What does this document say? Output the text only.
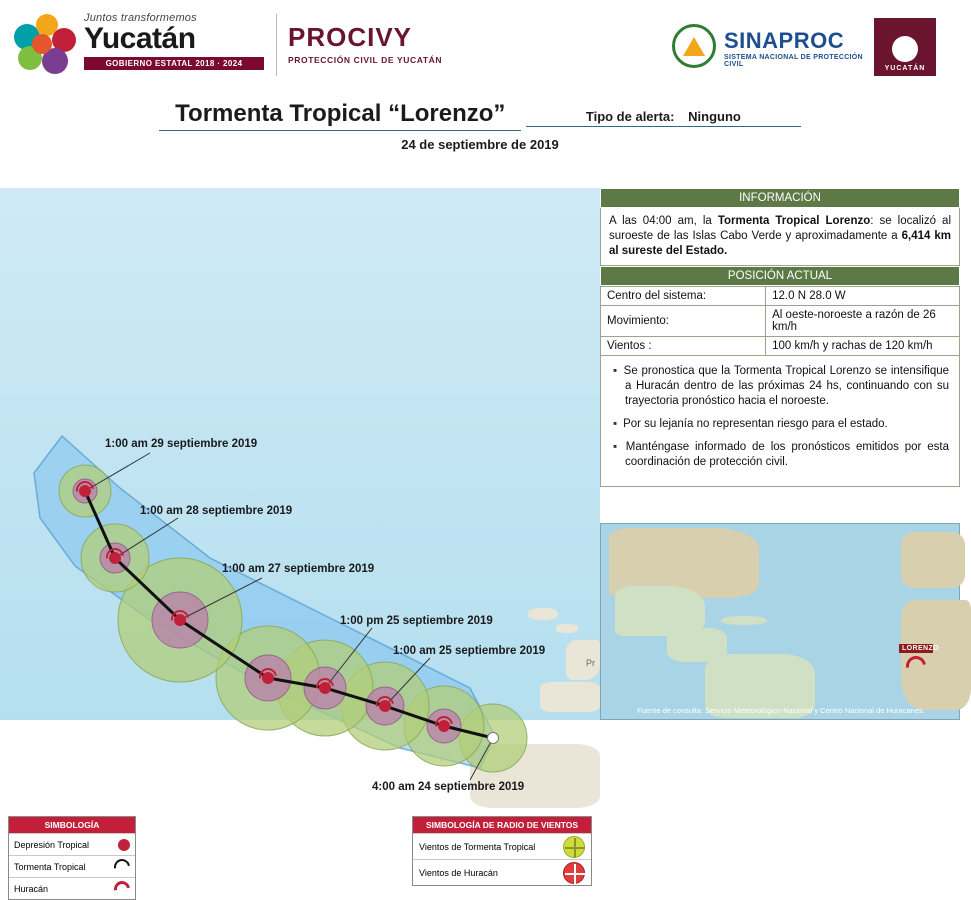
Juntos transformemos
Yucatán
GOBIERNO ESTATAL 2018 · 2024
PROCIVY
PROTECCIÓN CIVIL DE YUCATÁN
SINAPROC
SISTEMA NACIONAL DE PROTECCIÓN CIVIL
YUCATÁN
Tormenta Tropical “Lorenzo”	Tipo de alerta: Ninguno
24 de septiembre de 2019
1:00 am 29 septiembre 2019
1:00 am 28 septiembre 2019
1:00 am 27 septiembre 2019
1:00 pm 25 septiembre 2019
1:00 am 25 septiembre 2019
4:00 am 24 septiembre 2019
Pr
SIMBOLOGÍA
Depresión Tropical
Tormenta Tropical
Huracán
SIMBOLOGÍA DE RADIO DE VIENTOS
Vientos de Tormenta Tropical
Vientos de Huracán
INFORMACIÓN
A las 04:00 am, la Tormenta Tropical Lorenzo: se localizó al suroeste de las Islas Cabo Verde y aproximadamente a 6,414 km al sureste del Estado.
POSICIÓN ACTUAL
Centro del sistema:	12.0 N 28.0 W
Movimiento:	Al oeste-noroeste a razón de 26 km/h
Vientos :	100 km/h y rachas de 120 km/h
▪ Se pronostica que la Tormenta Tropical Lorenzo se intensifique a Huracán dentro de las próximas 24 hs, continuando con su trayectoria pronóstico hacia el noroeste.
▪ Por su lejanía no representan riesgo para el estado.
▪ Manténgase informado de los pronósticos emitidos por esta coordinación de protección civil.
LORENZO
Fuente de consulta: Servicio Meteorológico Nacional y Centro Nacional de Huracanes.
